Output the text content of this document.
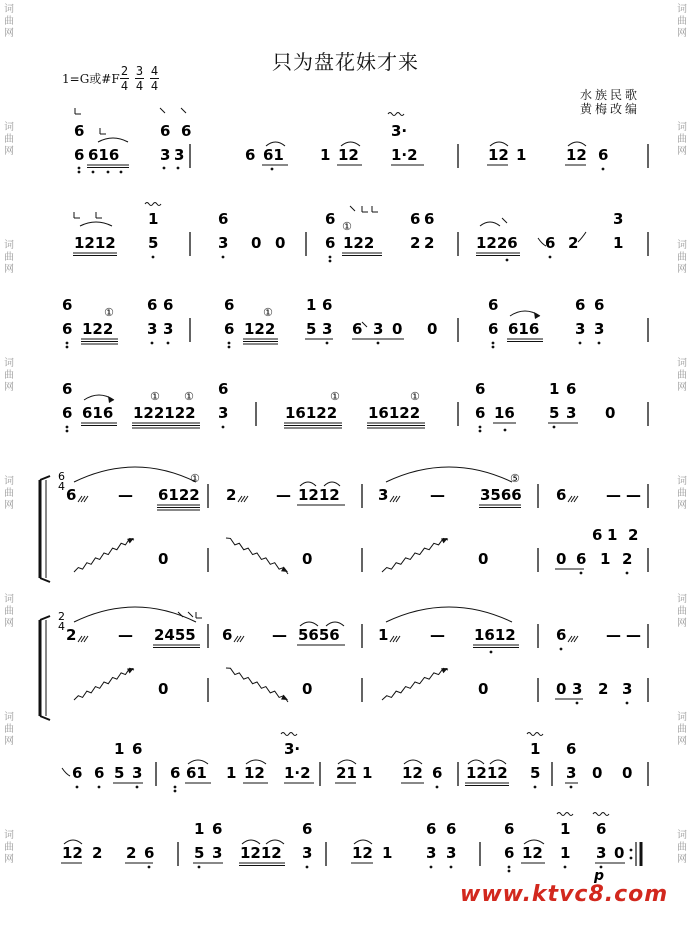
词
曲
网
词
曲
网
词
曲
网
词
曲
网
词
曲
网
词
曲
网
词
曲
网
词
曲
网
词
曲
网
词
曲
网
词
曲
网
词
曲
网
词
曲
网
词
曲
网
词
曲
网
词
曲
网
只为盘花妹才来
1=G或#F
2
4
3
4
4
4
水族民歌
黄梅改编
6 616	3 3	6 61 1 12 1·2	12 1	12 6
6	6 6	3·
1212 5
1
3 0 0
6
6 122
6 ①
2 2
6 6
1226 6 2 1
3
6
6
122
①
3 3
6 6
6
6
122
①
5 3
1 6
6 3 0 0	6
6
616 3 3
6 6
6
6
616 122122
① ①
3
6
16122
①
16122
①
6
6
16 5 3
1 6
0
6
4 6	— 6122
①
2	— 1212	3	— 3566
⑤
6	— —
0	0	0	0 6 1 2
6 1 2
2
4 2	— 2455 6	— 5656	1	— 1612	6	— —
0	0	0	0 3 2 3
6 6 5 3
1 6
6 61 1 12 1·2
3·
21 1 12 6 1212 5
1
3
6
0 0
12 2 2 6	5 3
1 6
1212 3
6
12 1 3 3
6 6
6
6
12 1
1
3 0
6
p
www.ktvc8.com
